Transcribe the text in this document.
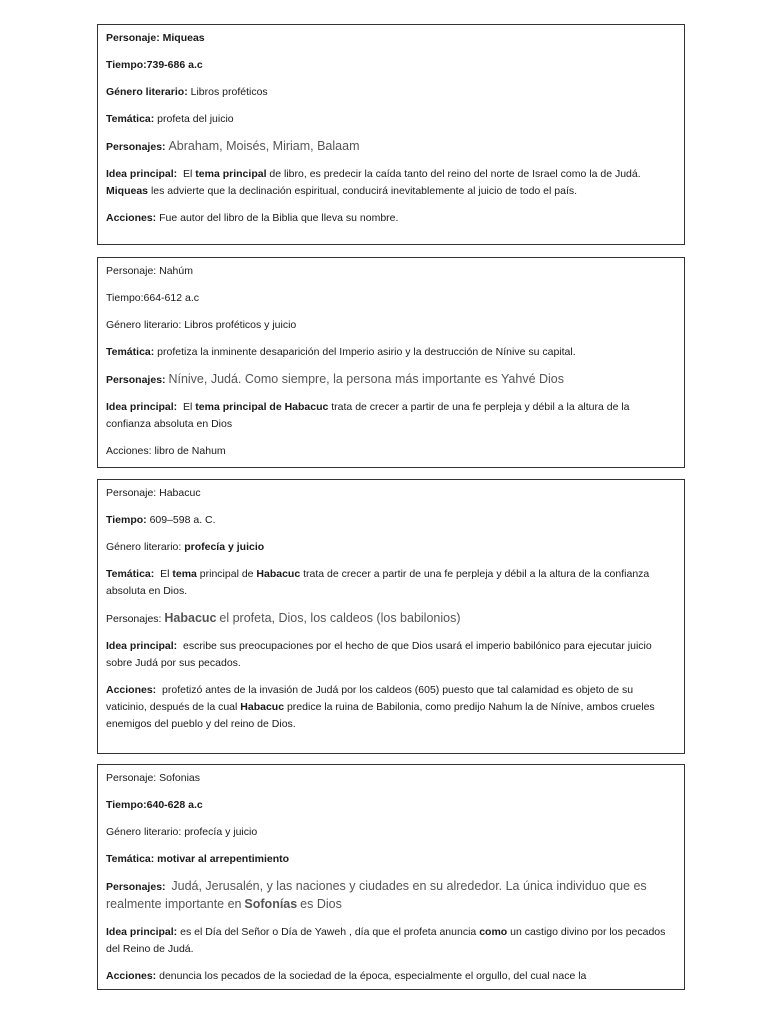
Personaje: Miqueas
Tiempo:739-686 a.c
Género literario: Libros proféticos
Temática: profeta del juicio
Personajes: Abraham, Moisés, Miriam, Balaam
Idea principal: El tema principal de libro, es predecir la caída tanto del reino del norte de Israel como la de Judá. Miqueas les advierte que la declinación espiritual, conducirá inevitablemente al juicio de todo el país.
Acciones: Fue autor del libro de la Biblia que lleva su nombre.
Personaje: Nahúm
Tiempo:664-612 a.c
Género literario: Libros proféticos y juicio
Temática: profetiza la inminente desaparición del Imperio asirio y la destrucción de Nínive su capital.
Personajes: Nínive, Judá. Como siempre, la persona más importante es Yahvé Dios
Idea principal: El tema principal de Habacuc trata de crecer a partir de una fe perpleja y débil a la altura de la confianza absoluta en Dios
Acciones: libro de Nahum
Personaje: Habacuc
Tiempo: 609–598 a. C.
Género literario: profecía y juicio
Temática: El tema principal de Habacuc trata de crecer a partir de una fe perpleja y débil a la altura de la confianza absoluta en Dios.
Personajes: Habacuc el profeta, Dios, los caldeos (los babilonios)
Idea principal: escribe sus preocupaciones por el hecho de que Dios usará el imperio babilónico para ejecutar juicio sobre Judá por sus pecados.
Acciones: profetizó antes de la invasión de Judá por los caldeos (605) puesto que tal calamidad es objeto de su vaticinio, después de la cual Habacuc predice la ruina de Babilonia, como predijo Nahum la de Nínive, ambos crueles enemigos del pueblo y del reino de Dios.
Personaje: Sofonias
Tiempo:640-628 a.c
Género literario: profecía y juicio
Temática: motivar al arrepentimiento
Personajes: Judá, Jerusalén, y las naciones y ciudades en su alrededor. La única individuo que es realmente importante en Sofonías es Dios
Idea principal: es el Día del Señor o Día de Yaweh , día que el profeta anuncia como un castigo divino por los pecados del Reino de Judá.
Acciones: denuncia los pecados de la sociedad de la época, especialmente el orgullo, del cual nace la
